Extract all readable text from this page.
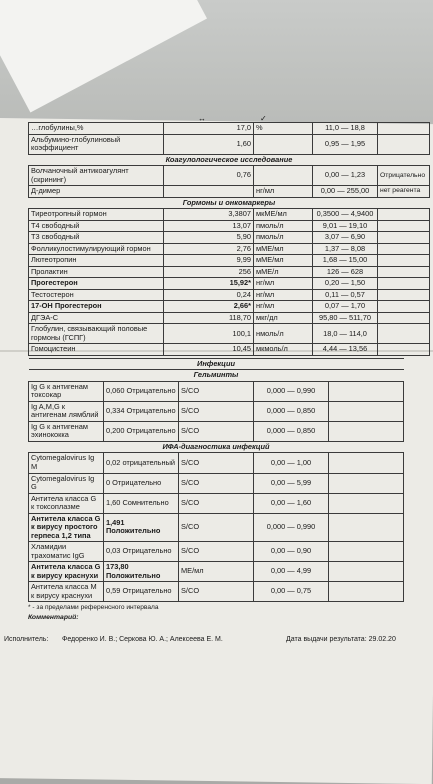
↔	✓
…глобулины,%	17,0	%	11,0 — 18,8	
Альбумино-глобулиновый коэффициент	1,60		0,95 — 1,95	
Коагулологическое исследование				
Волчаночный антикоагулянт (скрининг)	0,76		0,00 — 1,23	Отрицательно
Д-димер		нг/мл	0,00 — 255,00	нет реагента
Гормоны и онкомаркеры				
Тиреотропный гормон	3,3807	мкМЕ/мл	0,3500 — 4,9400	
Т4 свободный	13,07	пмоль/л	9,01 — 19,10	
Т3 свободный	5,90	пмоль/л	3,07 — 6,90	
Фолликулостимулирующий гормон	2,76	мМЕ/мл	1,37 — 8,08	
Лютеотропин	9,99	мМЕ/мл	1,68 — 15,00	
Пролактин	256	мМЕ/л	126 — 628	
Прогестерон	15,92*	нг/мл	0,20 — 1,50	
Тестостерон	0,24	нг/мл	0,11 — 0,57	
17-ОН Прогестерон	2,66*	нг/мл	0,07 — 1,70	
ДГЭА-С	118,70	мкг/дл	95,80 — 511,70	
Глобулин, связывающий половые гормоны (ГСПГ)	100,1	нмоль/л	18,0 — 114,0	
Гомоцистеин	10,45	мкмоль/л	4,44 — 13,56	
Инфекции				
Гельминты				
Ig G к антигенам токсокар	0,060 Отрицательно	S/CO	0,000 — 0,990	
Ig A,M,G к антигенам лямблий	0,334 Отрицательно	S/CO	0,000 — 0,850	
Ig G к антигенам эхинококка	0,200 Отрицательно	S/CO	0,000 — 0,850	
ИФА-диагностика инфекций				
Cytomegalovirus Ig M	0,02 отрицательный	S/CO	0,00 — 1,00	
Cytomegalovirus Ig G	0 Отрицательно	S/CO	0,00 — 5,99	
Антитела класса G к токсоплазме	1,60 Сомнительно	S/CO	0,00 — 1,60	
Антитела класса G к вирусу простого герпеса 1,2 типа	1,491 Положительно	S/CO	0,000 — 0,990	
Хламидии трахоматис IgG	0,03 Отрицательно	S/CO	0,00 — 0,90	
Антитела класса G к вирусу краснухи	173,80 Положительно	МЕ/мл	0,00 — 4,99	
Антитела класса М к вирусу краснухи	0,59 Отрицательно	S/CO	0,00 — 0,75	
* - за пределами референсного интервала
Комментарий:
Исполнитель: Федоренко И. В.; Серкова Ю. А.; Алексеева Е. М.	Дата выдачи результата: 29.02.20
